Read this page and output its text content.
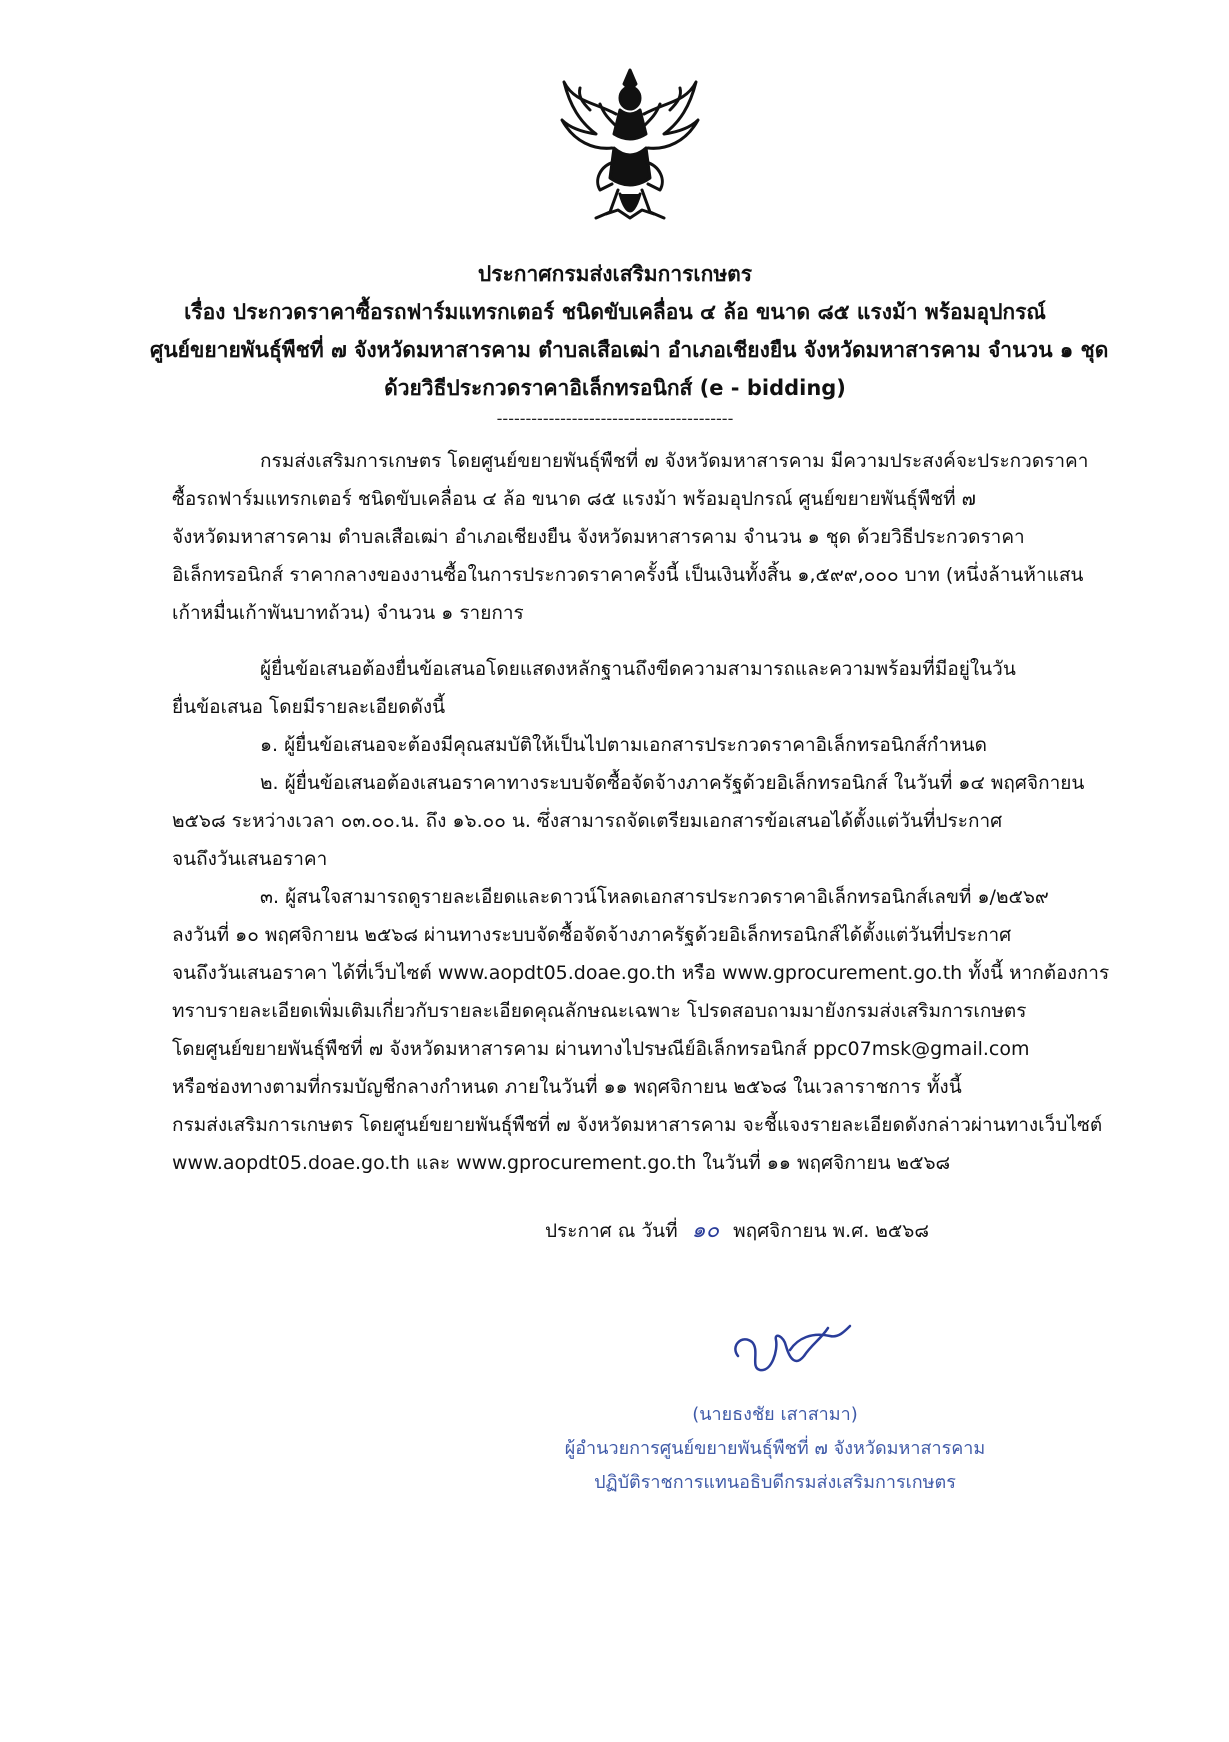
ประกาศกรมส่งเสริมการเกษตร
เรื่อง ประกวดราคาซื้อรถฟาร์มแทรกเตอร์ ชนิดขับเคลื่อน ๔ ล้อ ขนาด ๘๕ แรงม้า พร้อมอุปกรณ์
ศูนย์ขยายพันธุ์พืชที่ ๗ จังหวัดมหาสารคาม ตำบลเสือเฒ่า อำเภอเชียงยืน จังหวัดมหาสารคาม จำนวน ๑ ชุด
ด้วยวิธีประกวดราคาอิเล็กทรอนิกส์ (e - bidding)
-----------------------------------------

กรมส่งเสริมการเกษตร โดยศูนย์ขยายพันธุ์พืชที่ ๗ จังหวัดมหาสารคาม มีความประสงค์จะประกวดราคา
ซื้อรถฟาร์มแทรกเตอร์ ชนิดขับเคลื่อน ๔ ล้อ ขนาด ๘๕ แรงม้า พร้อมอุปกรณ์ ศูนย์ขยายพันธุ์พืชที่ ๗
จังหวัดมหาสารคาม ตำบลเสือเฒ่า อำเภอเชียงยืน จังหวัดมหาสารคาม จำนวน ๑ ชุด ด้วยวิธีประกวดราคา
อิเล็กทรอนิกส์ ราคากลางของงานซื้อในการประกวดราคาครั้งนี้ เป็นเงินทั้งสิ้น ๑,๕๙๙,๐๐๐ บาท (หนึ่งล้านห้าแสน
เก้าหมื่นเก้าพันบาทถ้วน) จำนวน ๑ รายการ

ผู้ยื่นข้อเสนอต้องยื่นข้อเสนอโดยแสดงหลักฐานถึงขีดความสามารถและความพร้อมที่มีอยู่ในวัน
ยื่นข้อเสนอ โดยมีรายละเอียดดังนี้
๑. ผู้ยื่นข้อเสนอจะต้องมีคุณสมบัติให้เป็นไปตามเอกสารประกวดราคาอิเล็กทรอนิกส์กำหนด
๒. ผู้ยื่นข้อเสนอต้องเสนอราคาทางระบบจัดซื้อจัดจ้างภาครัฐด้วยอิเล็กทรอนิกส์ ในวันที่ ๑๔ พฤศจิกายน
๒๕๖๘ ระหว่างเวลา ๐๓.๐๐.น. ถึง ๑๖.๐๐ น. ซึ่งสามารถจัดเตรียมเอกสารข้อเสนอได้ตั้งแต่วันที่ประกาศ
จนถึงวันเสนอราคา
๓. ผู้สนใจสามารถดูรายละเอียดและดาวน์โหลดเอกสารประกวดราคาอิเล็กทรอนิกส์เลขที่ ๑/๒๕๖๙
ลงวันที่ ๑๐ พฤศจิกายน ๒๕๖๘ ผ่านทางระบบจัดซื้อจัดจ้างภาครัฐด้วยอิเล็กทรอนิกส์ได้ตั้งแต่วันที่ประกาศ
จนถึงวันเสนอราคา ได้ที่เว็บไซต์ www.aopdt05.doae.go.th หรือ www.gprocurement.go.th ทั้งนี้ หากต้องการ
ทราบรายละเอียดเพิ่มเติมเกี่ยวกับรายละเอียดคุณลักษณะเฉพาะ โปรดสอบถามมายังกรมส่งเสริมการเกษตร
โดยศูนย์ขยายพันธุ์พืชที่ ๗ จังหวัดมหาสารคาม ผ่านทางไปรษณีย์อิเล็กทรอนิกส์ ppc07msk@gmail.com
หรือช่องทางตามที่กรมบัญชีกลางกำหนด ภายในวันที่ ๑๑ พฤศจิกายน ๒๕๖๘ ในเวลาราชการ ทั้งนี้
กรมส่งเสริมการเกษตร โดยศูนย์ขยายพันธุ์พืชที่ ๗ จังหวัดมหาสารคาม จะชี้แจงรายละเอียดดังกล่าวผ่านทางเว็บไซต์
www.aopdt05.doae.go.th และ www.gprocurement.go.th ในวันที่ ๑๑ พฤศจิกายน ๒๕๖๘

ประกาศ ณ วันที่ ๑๐ พฤศจิกายน พ.ศ. ๒๕๖๘
(นายธงชัย เสาสามา)
ผู้อำนวยการศูนย์ขยายพันธุ์พืชที่ ๗ จังหวัดมหาสารคาม
ปฏิบัติราชการแทนอธิบดีกรมส่งเสริมการเกษตร
